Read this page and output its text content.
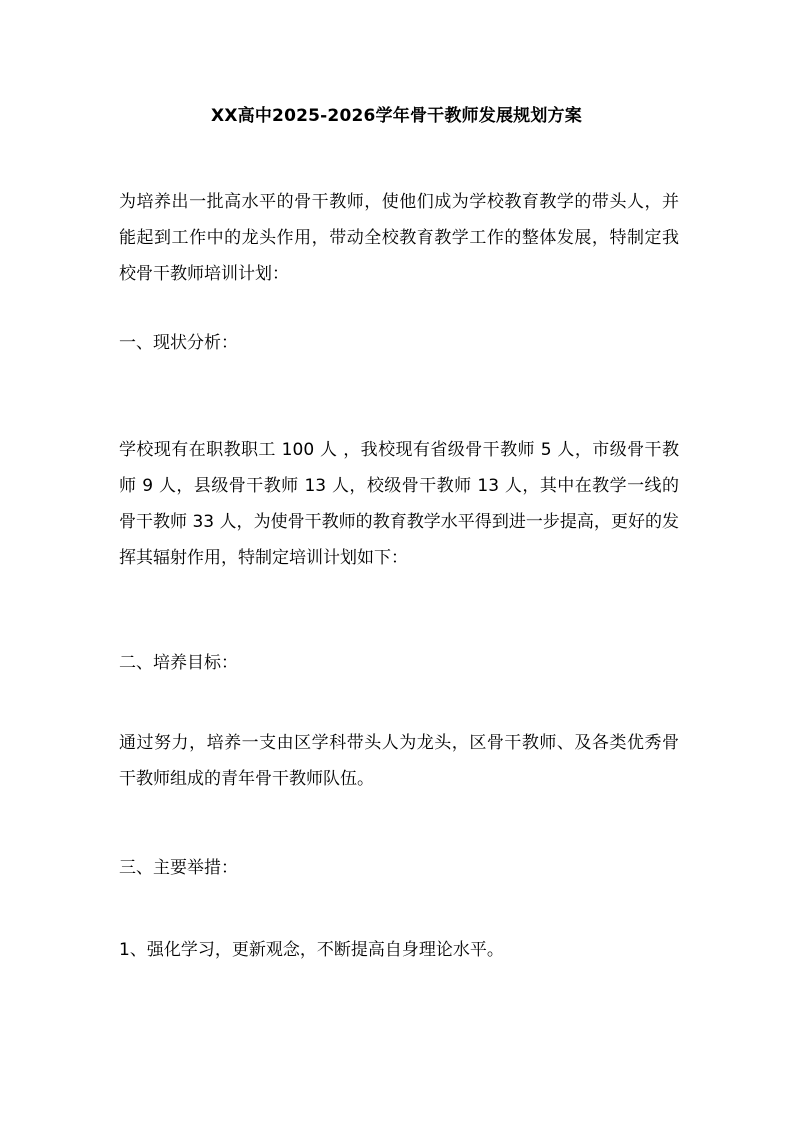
XX高中2025-2026学年骨干教师发展规划方案

为培养出一批高水平的骨干教师，使他们成为学校教育教学的带头人，并能起到工作中的龙头作用，带动全校教育教学工作的整体发展，特制定我校骨干教师培训计划：

一、现状分析：

学校现有在职教职工 100 人 ，我校现有省级骨干教师 5 人，市级骨干教师 9 人，县级骨干教师 13 人，校级骨干教师 13 人，其中在教学一线的骨干教师 33 人，为使骨干教师的教育教学水平得到进一步提高，更好的发挥其辐射作用，特制定培训计划如下：

二、培养目标：

通过努力，培养一支由区学科带头人为龙头，区骨干教师、及各类优秀骨干教师组成的青年骨干教师队伍。

三、主要举措：

1、强化学习，更新观念，不断提高自身理论水平。
